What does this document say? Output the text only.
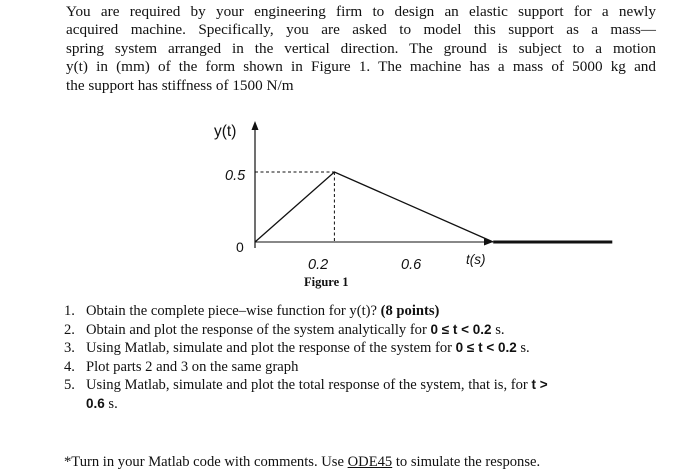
You are required by your engineering firm to design an elastic support for a newly
acquired machine. Specifically, you are asked to model this support as a mass—
spring system arranged in the vertical direction. The ground is subject to a motion
y(t) in (mm) of the form shown in Figure 1. The machine has a mass of 5000 kg and
the support has stiffness of 1500 N/m
y(t)
0.5
0
0.2	0.6	t(s)
Figure 1
1. Obtain the complete piece–wise function for y(t)? (8 points)
2. Obtain and plot the response of the system analytically for 0 ≤ t < 0.2 s.
3. Using Matlab, simulate and plot the response of the system for 0 ≤ t < 0.2 s.
4. Plot parts 2 and 3 on the same graph
5. Using Matlab, simulate and plot the total response of the system, that is, for t >
0.6 s.
*Turn in your Matlab code with comments. Use ODE45 to simulate the response.
